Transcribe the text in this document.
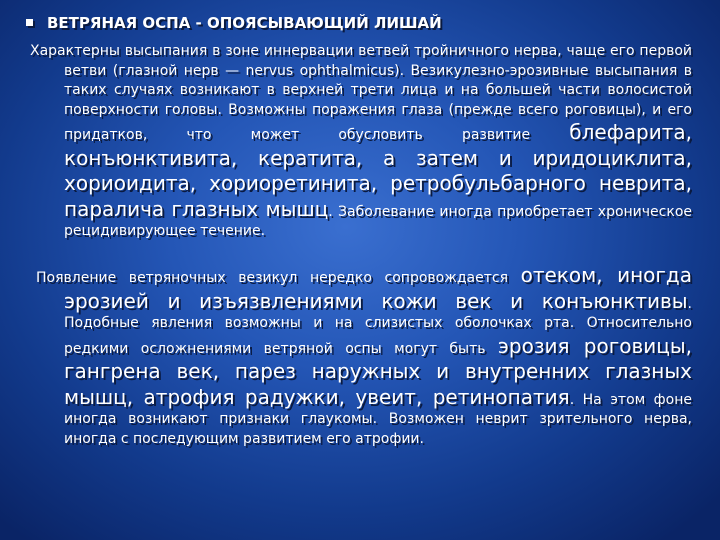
ВЕТРЯНАЯ ОСПА - ОПОЯСЫВАЮЩИЙ ЛИШАЙ
Характерны высыпания в зоне иннервации ветвей тройничного нерва, чаще его первой ветви (глазной нерв — nervus ophthalmicus). Везикулезно-эрозивные высыпания в таких случаях возникают в верхней трети лица и на большей части волосистой поверхности головы. Возможны поражения глаза (прежде всего роговицы), и его придатков, что может обусловить развитие блефарита, конъюнктивита, кератита, а затем и иридоциклита, хориоидита, хориоретинита, ретробульбарного неврита, паралича глазных мышц. Заболевание иногда приобретает хроническое рецидивирующее течение.
Появление ветряночных везикул нередко сопровождается отеком, иногда эрозией и изъязвлениями кожи век и конъюнктивы. Подобные явления возможны и на слизистых оболочках рта. Относительно редкими осложнениями ветряной оспы могут быть эрозия роговицы, гангрена век, парез наружных и внутренних глазных мышц, атрофия радужки, увеит, ретинопатия. На этом фоне иногда возникают признаки глаукомы. Возможен неврит зрительного нерва, иногда с последующим развитием его атрофии.
